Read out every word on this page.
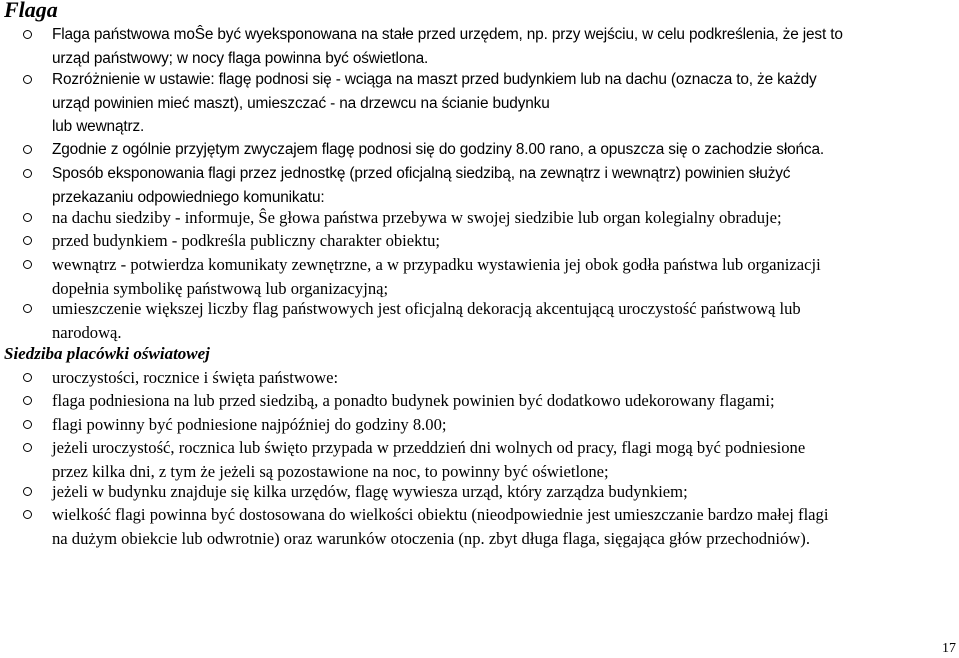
Flaga

Flaga państwowa moŜe być wyeksponowana na stałe przed urzędem, np. przy wejściu, w celu podkreślenia, że jest to
urząd państwowy; w nocy flaga powinna być oświetlona.

Rozróżnienie w ustawie: flagę podnosi się - wciąga na maszt przed budynkiem lub na dachu (oznacza to, że każdy
urząd powinien mieć maszt), umieszczać - na drzewcu na ścianie budynku
lub wewnątrz.

Zgodnie z ogólnie przyjętym zwyczajem flagę podnosi się do godziny 8.00 rano, a opuszcza się o zachodzie słońca.

Sposób eksponowania flagi przez jednostkę (przed oficjalną siedzibą, na zewnątrz i wewnątrz) powinien służyć
przekazaniu odpowiedniego komunikatu:

na dachu siedziby - informuje, Ŝe głowa państwa przebywa w swojej siedzibie lub organ kolegialny obraduje;

przed budynkiem - podkreśla publiczny charakter obiektu;

wewnątrz - potwierdza komunikaty zewnętrzne, a w przypadku wystawienia jej obok godła państwa lub organizacji
dopełnia symbolikę państwową lub organizacyjną;

umieszczenie większej liczby flag państwowych jest oficjalną dekoracją akcentującą uroczystość państwową lub
narodową.

Siedziba placówki oświatowej

uroczystości, rocznice i święta państwowe:

flaga podniesiona na lub przed siedzibą, a ponadto budynek powinien być dodatkowo udekorowany flagami;

flagi powinny być podniesione najpóźniej do godziny 8.00;

jeżeli uroczystość, rocznica lub święto przypada w przeddzień dni wolnych od pracy, flagi mogą być podniesione
przez kilka dni, z tym że jeżeli są pozostawione na noc, to powinny być oświetlone;

jeżeli w budynku znajduje się kilka urzędów, flagę wywiesza urząd, który zarządza budynkiem;

wielkość flagi powinna być dostosowana do wielkości obiektu (nieodpowiednie jest umieszczanie bardzo małej flagi
na dużym obiekcie lub odwrotnie) oraz warunków otoczenia (np. zbyt długa flaga, sięgająca głów przechodniów).

17
